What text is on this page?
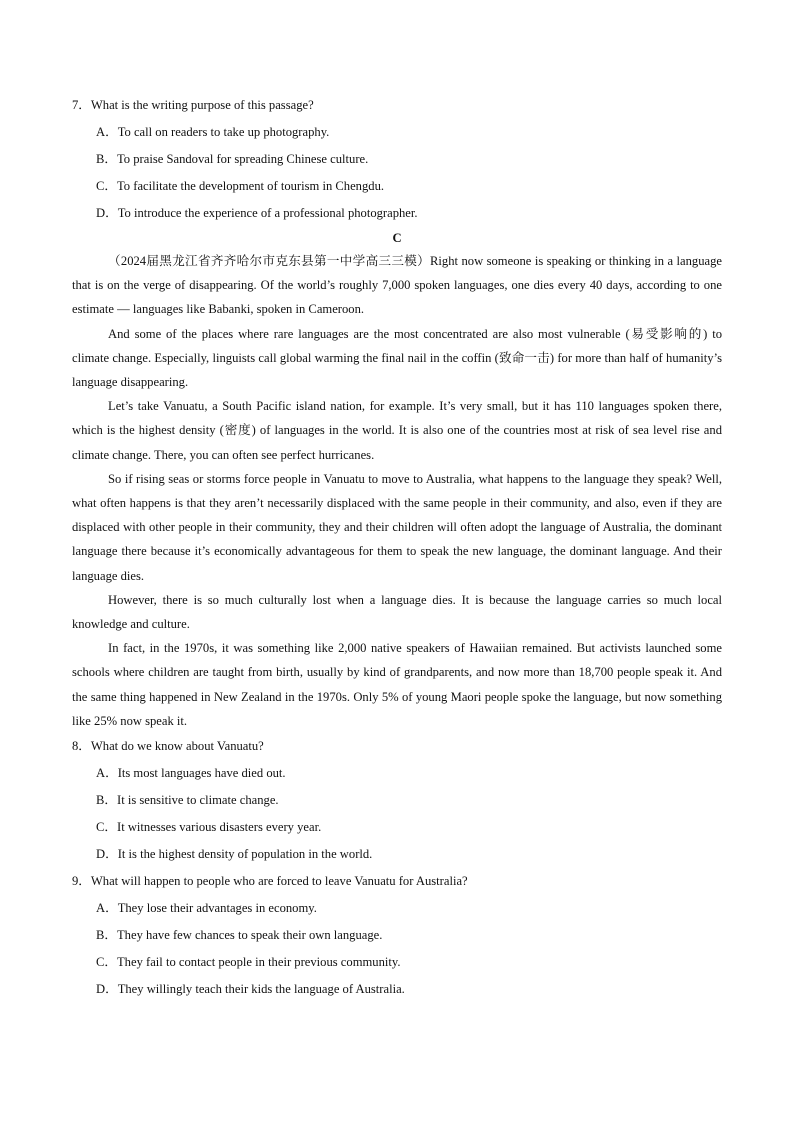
7．What is the writing purpose of this passage?

A．To call on readers to take up photography.

B．To praise Sandoval for spreading Chinese culture.

C．To facilitate the development of tourism in Chengdu.

D．To introduce the experience of a professional photographer.

C

（2024届黑龙江省齐齐哈尔市克东县第一中学高三三模）Right now someone is speaking or thinking in a language that is on the verge of disappearing. Of the world’s roughly 7,000 spoken languages, one dies every 40 days, according to one estimate — languages like Babanki, spoken in Cameroon.

And some of the places where rare languages are the most concentrated are also most vulnerable (易受影响的) to climate change. Especially, linguists call global warming the final nail in the coffin (致命一击) for more than half of humanity’s language disappearing.

Let’s take Vanuatu, a South Pacific island nation, for example. It’s very small, but it has 110 languages spoken there, which is the highest density (密度) of languages in the world. It is also one of the countries most at risk of sea level rise and climate change. There, you can often see perfect hurricanes.

So if rising seas or storms force people in Vanuatu to move to Australia, what happens to the language they speak? Well, what often happens is that they aren’t necessarily displaced with the same people in their community, and also, even if they are displaced with other people in their community, they and their children will often adopt the language of Australia, the dominant language there because it’s economically advantageous for them to speak the new language, the dominant language. And their language dies.

However, there is so much culturally lost when a language dies. It is because the language carries so much local knowledge and culture.

In fact, in the 1970s, it was something like 2,000 native speakers of Hawaiian remained. But activists launched some schools where children are taught from birth, usually by kind of grandparents, and now more than 18,700 people speak it. And the same thing happened in New Zealand in the 1970s. Only 5% of young Maori people spoke the language, but now something like 25% now speak it.

8．What do we know about Vanuatu?

A．Its most languages have died out.

B．It is sensitive to climate change.

C．It witnesses various disasters every year.

D．It is the highest density of population in the world.

9．What will happen to people who are forced to leave Vanuatu for Australia?

A．They lose their advantages in economy.

B．They have few chances to speak their own language.

C．They fail to contact people in their previous community.

D．They willingly teach their kids the language of Australia.
